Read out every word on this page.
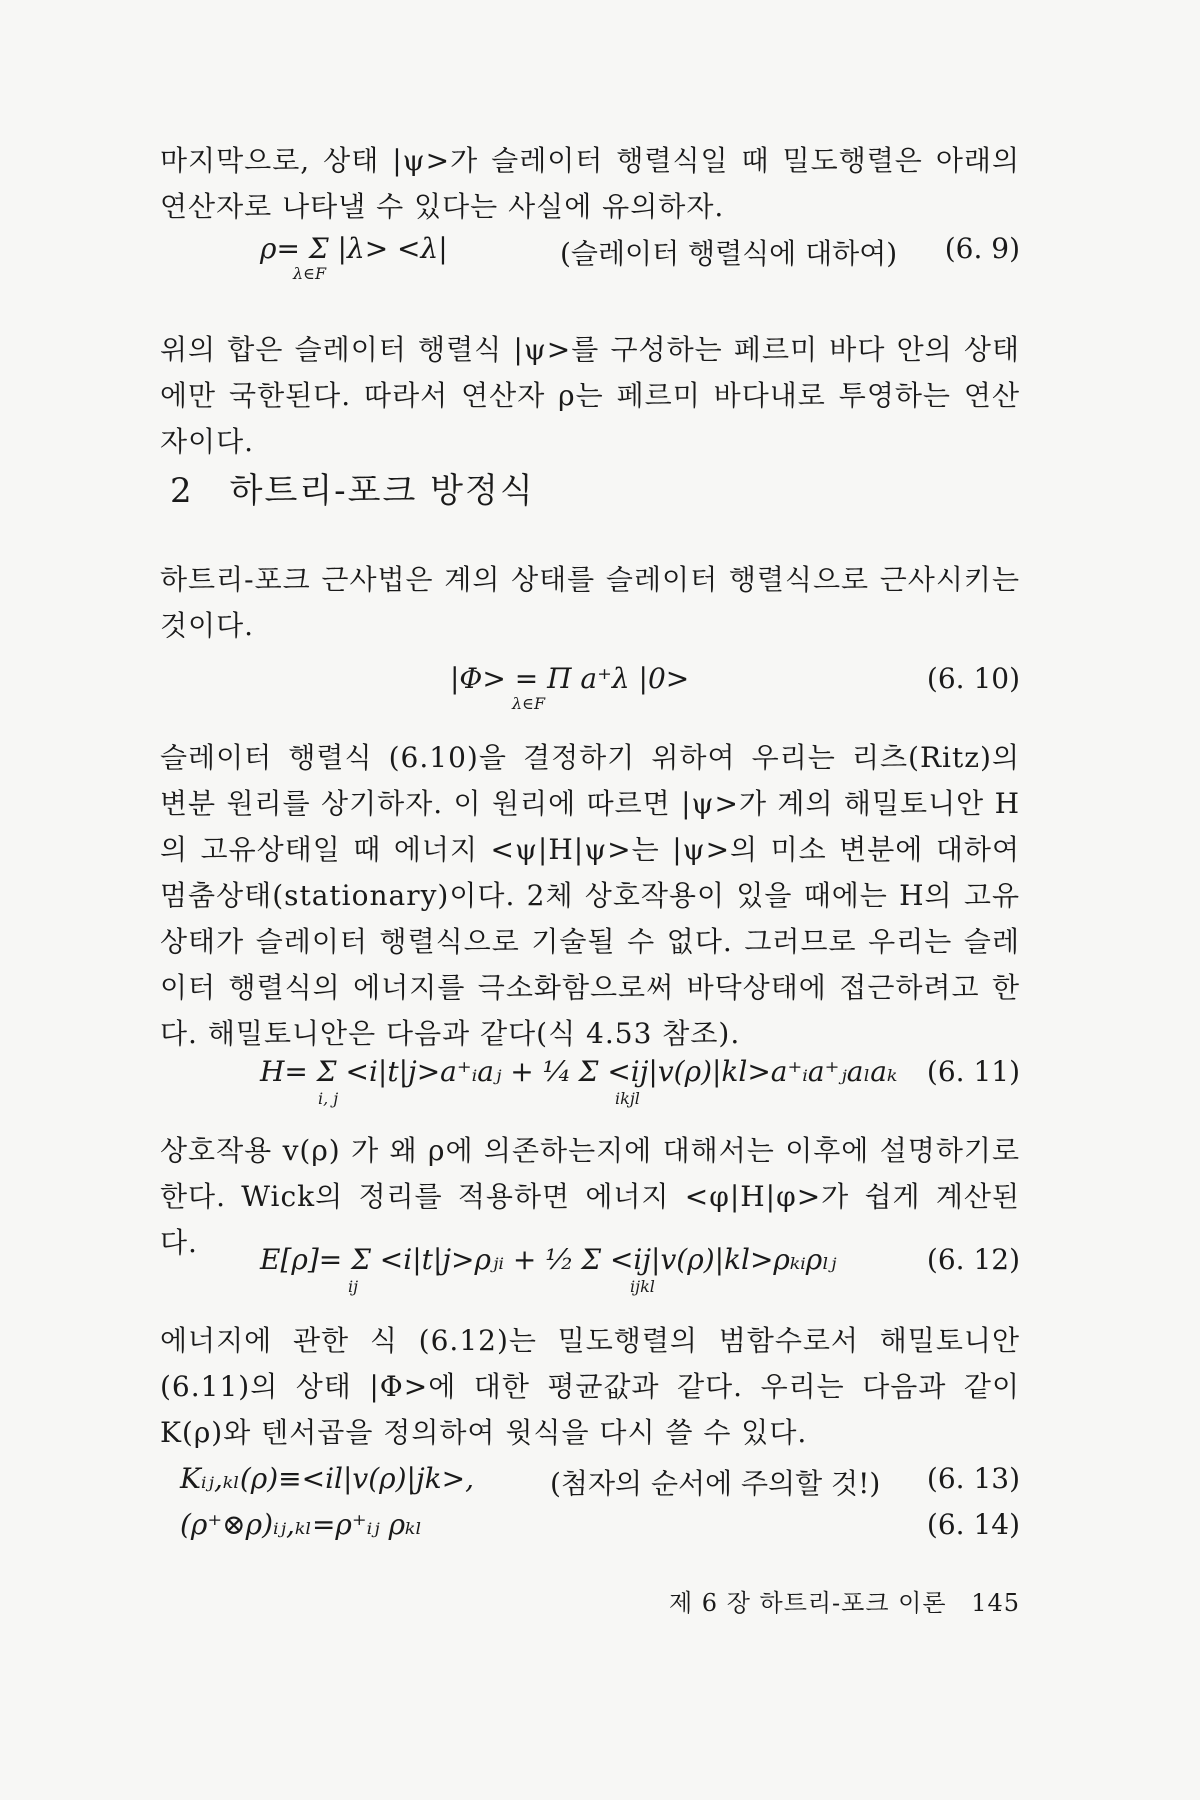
마지막으로, 상태 |ψ>가 슬레이터 행렬식일 때 밀도행렬은 아래의 연산자로 나타낼 수 있다는 사실에 유의하자.

ρ= Σ |λ> <λ|
λ∈F
(슬레이터 행렬식에 대하여) (6. 9)

위의 합은 슬레이터 행렬식 |ψ>를 구성하는 페르미 바다 안의 상태에만 국한된다. 따라서 연산자 ρ는 페르미 바다내로 투영하는 연산자이다.

2 하트리-포크 방정식

하트리-포크 근사법은 계의 상태를 슬레이터 행렬식으로 근사시키는 것이다.

|Φ> = Π a⁺λ |0>
λ∈F
(6. 10)

슬레이터 행렬식 (6.10)을 결정하기 위하여 우리는 리츠(Ritz)의 변분 원리를 상기하자. 이 원리에 따르면 |ψ>가 계의 해밀토니안 H의 고유상태일 때 에너지 <ψ|H|ψ>는 |ψ>의 미소 변분에 대하여 멈춤상태(stationary)이다. 2체 상호작용이 있을 때에는 H의 고유상태가 슬레이터 행렬식으로 기술될 수 없다. 그러므로 우리는 슬레이터 행렬식의 에너지를 극소화함으로써 바닥상태에 접근하려고 한다. 해밀토니안은 다음과 같다(식 4.53 참조).

H= Σ <i|t|j>a⁺ᵢaⱼ + ¹⁄₄ Σ <ij|v(ρ)|kl>a⁺ᵢa⁺ⱼaₗaₖ
i, j	ikjl
(6. 11)

상호작용 v(ρ) 가 왜 ρ에 의존하는지에 대해서는 이후에 설명하기로 한다. Wick의 정리를 적용하면 에너지 <φ|H|φ>가 쉽게 계산된다.

E[ρ]= Σ <i|t|j>ρⱼᵢ + ¹⁄₂ Σ <ij|v(ρ)|kl>ρₖᵢρₗⱼ
ij	ijkl
(6. 12)

에너지에 관한 식 (6.12)는 밀도행렬의 범함수로서 해밀토니안 (6.11)의 상태 |Φ>에 대한 평균값과 같다. 우리는 다음과 같이 K(ρ)와 텐서곱을 정의하여 윗식을 다시 쓸 수 있다.

Kᵢⱼ,ₖₗ(ρ)≡<il|v(ρ)|jk>,	(첨자의 순서에 주의할 것!) (6. 13)
(ρ⁺⊗ρ)ᵢⱼ,ₖₗ=ρ⁺ᵢⱼ ρₖₗ	(6. 14)
제 6 장 하트리-포크 이론 145
